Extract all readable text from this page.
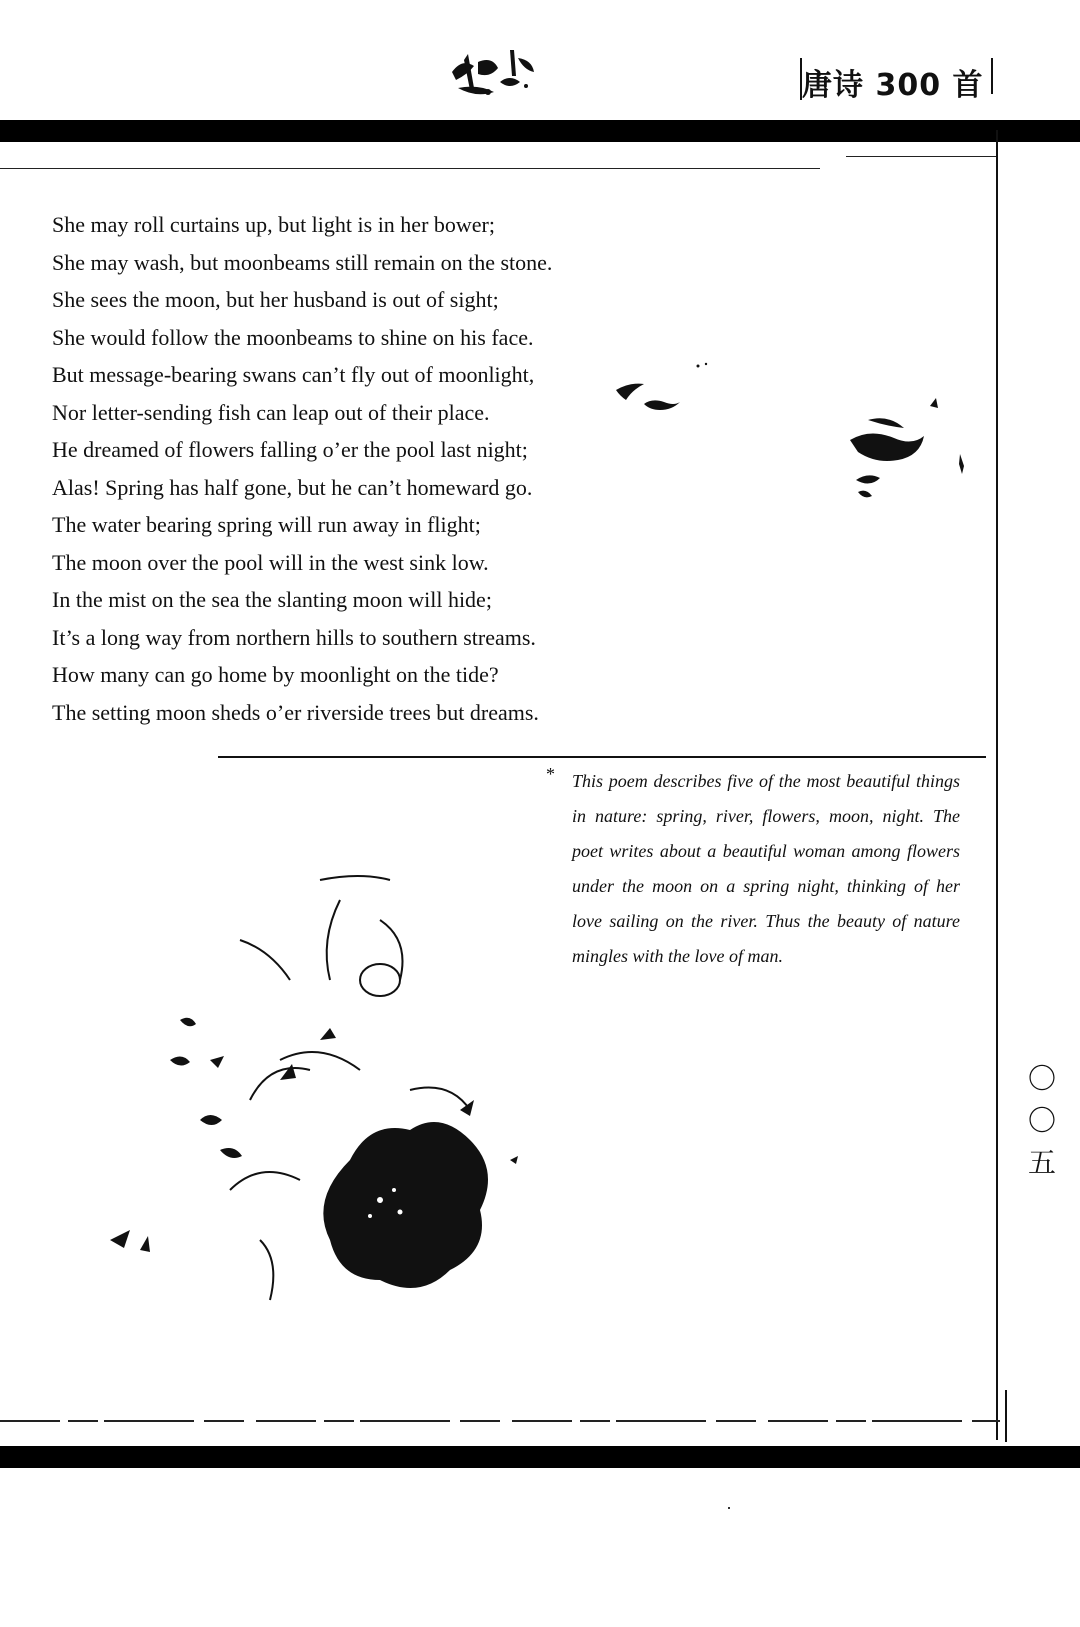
唐诗 300 首
She may roll curtains up, but light is in her bower;
She may wash, but moonbeams still remain on the stone.
She sees the moon, but her husband is out of sight;
She would follow the moonbeams to shine on his face.
But message-bearing swans can’t fly out of moonlight,
Nor letter-sending fish can leap out of their place.
He dreamed of flowers falling o’er the pool last night;
Alas! Spring has half gone, but he can’t homeward go.
The water bearing spring will run away in flight;
The moon over the pool will in the west sink low.
In the mist on the sea the slanting moon will hide;
It’s a long way from northern hills to southern streams.
How many can go home by moonlight on the tide?
The setting moon sheds o’er riverside trees but dreams.
* This poem describes five of the most beautiful things in nature: spring, river, flowers, moon, night. The poet writes about a beautiful woman among flowers under the moon on a spring night, thinking of her love sailing on the river. Thus the beauty of nature mingles with the love of man.
〇
〇
五
